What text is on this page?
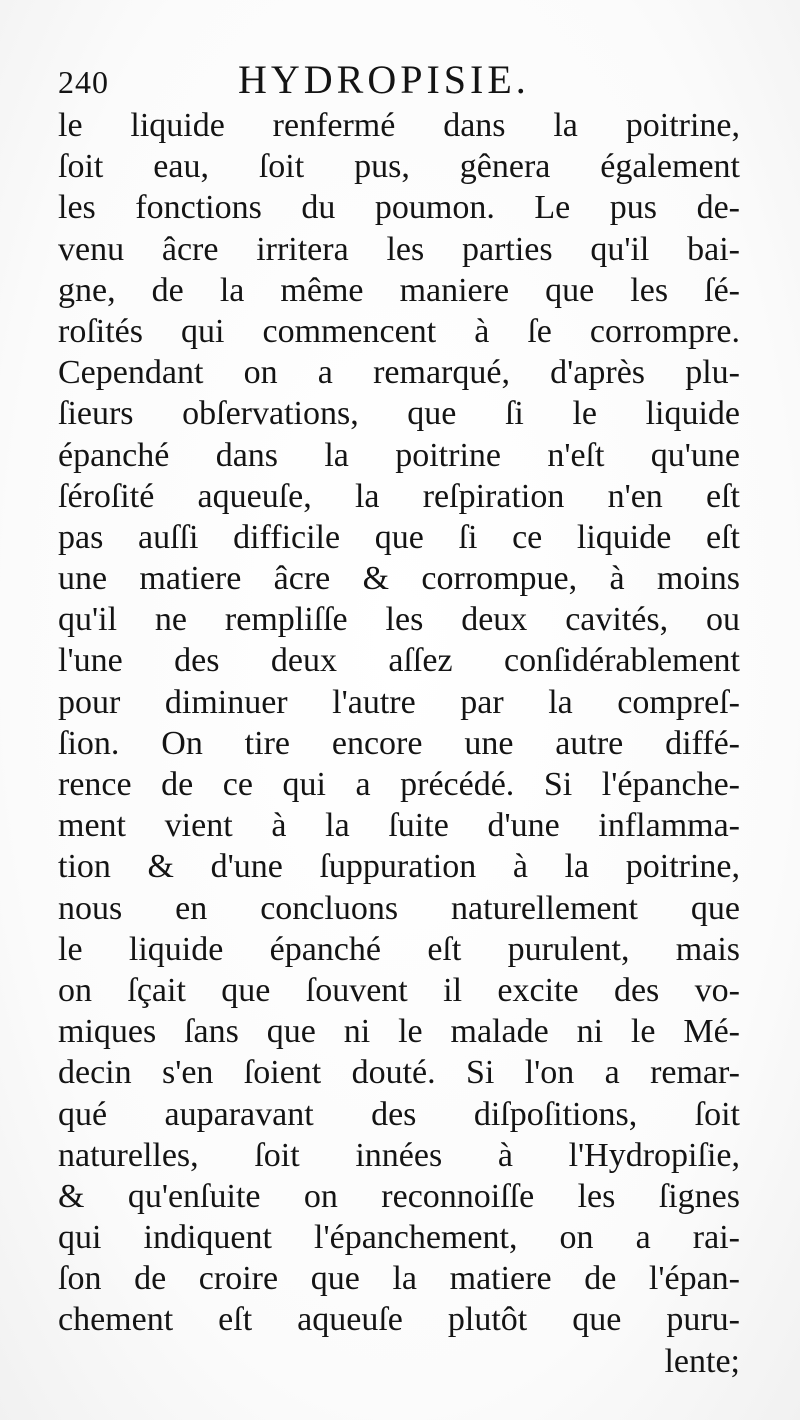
240	HYDROPISIE.
le liquide renfermé dans la poitrine,
ſoit eau, ſoit pus, gênera également
les fonctions du poumon. Le pus de-
venu âcre irritera les parties qu'il bai-
gne, de la même maniere que les ſé-
roſités qui commencent à ſe corrompre.
Cependant on a remarqué, d'après plu-
ſieurs obſervations, que ſi le liquide
épanché dans la poitrine n'eſt qu'une
ſéroſité aqueuſe, la reſpiration n'en eſt
pas auſſi difficile que ſi ce liquide eſt
une matiere âcre & corrompue, à moins
qu'il ne rempliſſe les deux cavités, ou
l'une des deux aſſez conſidérablement
pour diminuer l'autre par la compreſ-
ſion. On tire encore une autre diffé-
rence de ce qui a précédé. Si l'épanche-
ment vient à la ſuite d'une inflamma-
tion & d'une ſuppuration à la poitrine,
nous en concluons naturellement que
le liquide épanché eſt purulent, mais
on ſçait que ſouvent il excite des vo-
miques ſans que ni le malade ni le Mé-
decin s'en ſoient douté. Si l'on a remar-
qué auparavant des diſpoſitions, ſoit
naturelles, ſoit innées à l'Hydropiſie,
& qu'enſuite on reconnoiſſe les ſignes
qui indiquent l'épanchement, on a rai-
ſon de croire que la matiere de l'épan-
chement eſt aqueuſe plutôt que puru-
lente;
